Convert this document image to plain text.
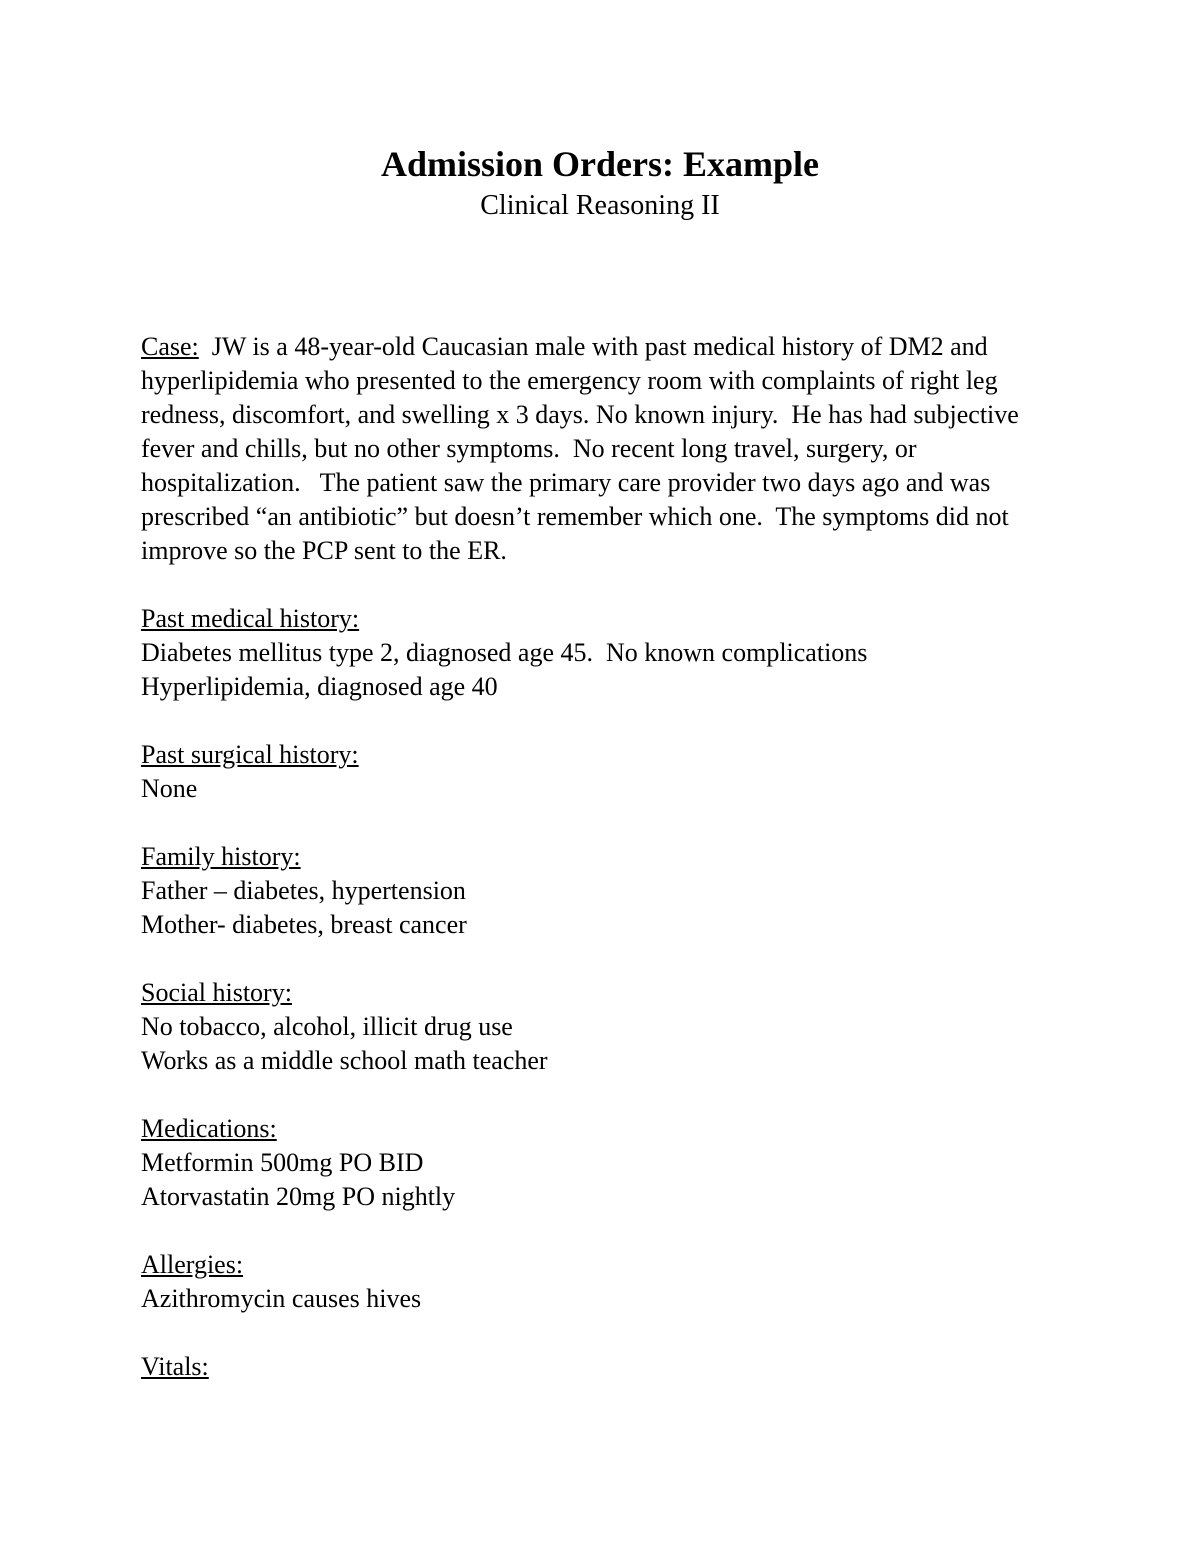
Admission Orders: Example
Clinical Reasoning II

Case:  JW is a 48-year-old Caucasian male with past medical history of DM2 and hyperlipidemia who presented to the emergency room with complaints of right leg redness, discomfort, and swelling x 3 days. No known injury.  He has had subjective fever and chills, but no other symptoms.  No recent long travel, surgery, or hospitalization.   The patient saw the primary care provider two days ago and was prescribed “an antibiotic” but doesn’t remember which one.  The symptoms did not improve so the PCP sent to the ER.

Past medical history:
Diabetes mellitus type 2, diagnosed age 45.  No known complications
Hyperlipidemia, diagnosed age 40
Past surgical history:
None
Family history:
Father – diabetes, hypertension
Mother- diabetes, breast cancer
Social history:
No tobacco, alcohol, illicit drug use
Works as a middle school math teacher
Medications:
Metformin 500mg PO BID
Atorvastatin 20mg PO nightly
Allergies:
Azithromycin causes hives
Vitals:
